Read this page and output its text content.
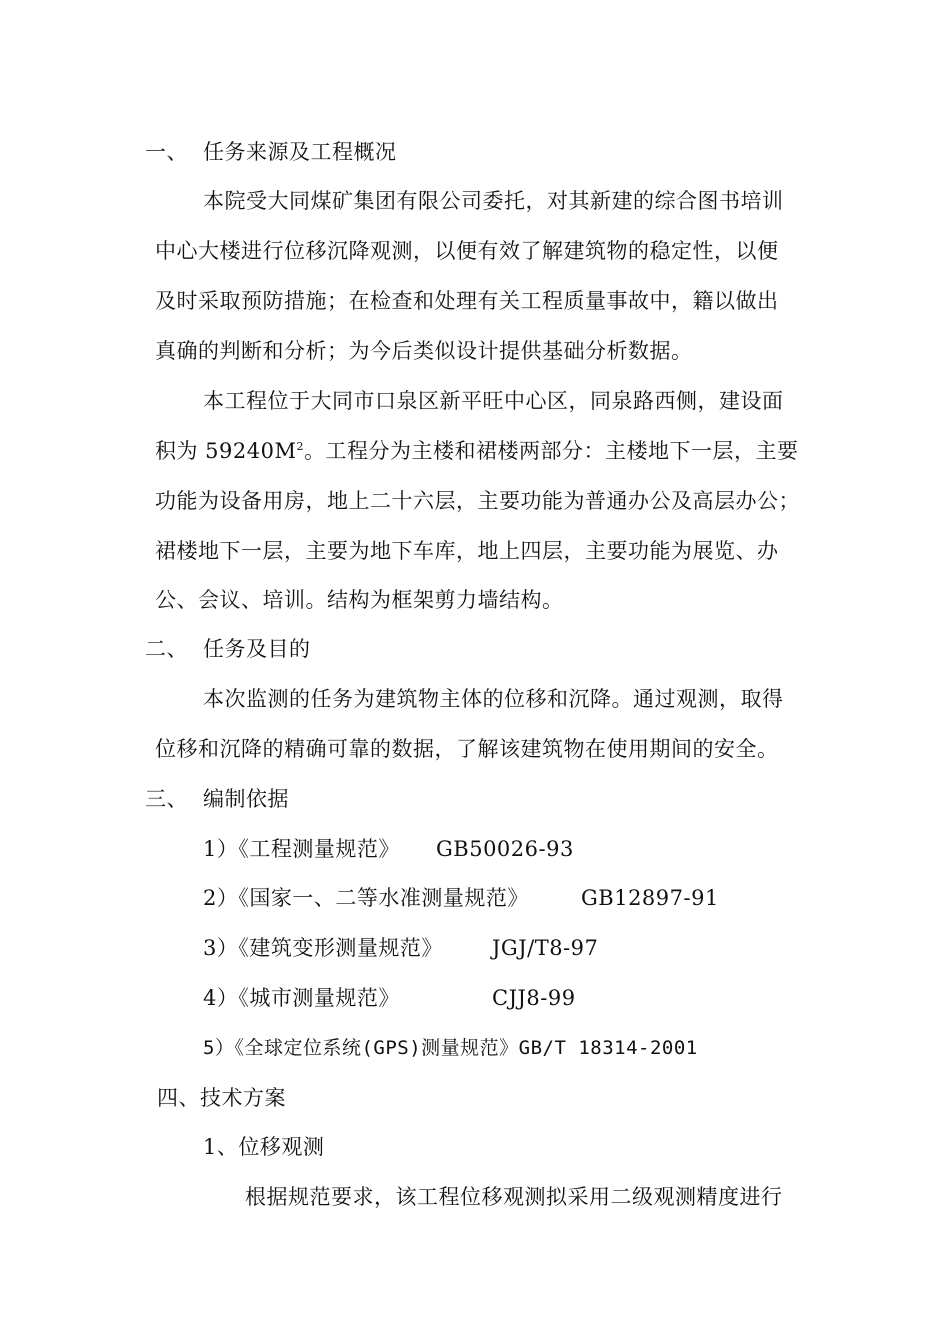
一、 任务来源及工程概况
本院受大同煤矿集团有限公司委托，对其新建的综合图书培训
中心大楼进行位移沉降观测，以便有效了解建筑物的稳定性，以便
及时采取预防措施；在检查和处理有关工程质量事故中，籍以做出
真确的判断和分析；为今后类似设计提供基础分析数据。
本工程位于大同市口泉区新平旺中心区，同泉路西侧，建设面
积为 $59240M^2$。工程分为主楼和裙楼两部分：主楼地下一层，主要
功能为设备用房，地上二十六层，主要功能为普通办公及高层办公；
裙楼地下一层，主要为地下车库，地上四层，主要功能为展览、办
公、会议、培训。结构为框架剪力墙结构。
二、 任务及目的
本次监测的任务为建筑物主体的位移和沉降。通过观测，取得
位移和沉降的精确可靠的数据，了解该建筑物在使用期间的安全。
三、 编制依据
1）《工程测量规范》 GB50026-93
2）《国家一、二等水准测量规范》 GB12897-91
3）《建筑变形测量规范》 JGJ/T8-97
4）《城市测量规范》	CJJ8-99
5）《全球定位系统(GPS)测量规范》GB/T 18314-2001
四、技术方案
1、位移观测
根据规范要求，该工程位移观测拟采用二级观测精度进行
